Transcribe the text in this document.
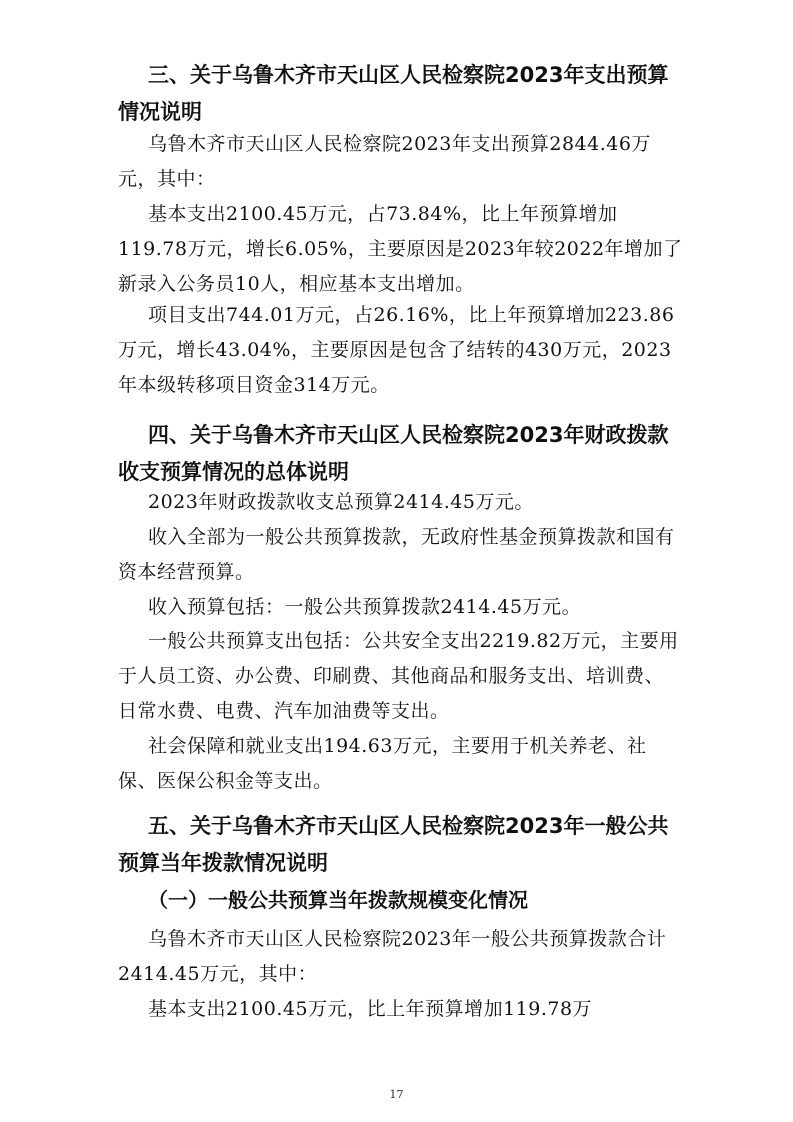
三、关于乌鲁木齐市天山区人民检察院2023年支出预算情况说明

乌鲁木齐市天山区人民检察院2023年支出预算2844.46万元，其中：

基本支出2100.45万元，占73.84%，比上年预算增加119.78万元，增长6.05%，主要原因是2023年较2022年增加了新录入公务员10人，相应基本支出增加。

项目支出744.01万元，占26.16%，比上年预算增加223.86万元，增长43.04%，主要原因是包含了结转的430万元，2023年本级转移项目资金314万元。

四、关于乌鲁木齐市天山区人民检察院2023年财政拨款收支预算情况的总体说明

2023年财政拨款收支总预算2414.45万元。

收入全部为一般公共预算拨款，无政府性基金预算拨款和国有资本经营预算。

收入预算包括：一般公共预算拨款2414.45万元。

一般公共预算支出包括：公共安全支出2219.82万元，主要用于人员工资、办公费、印刷费、其他商品和服务支出、培训费、日常水费、电费、汽车加油费等支出。

社会保障和就业支出194.63万元，主要用于机关养老、社保、医保公积金等支出。

五、关于乌鲁木齐市天山区人民检察院2023年一般公共预算当年拨款情况说明
（一）一般公共预算当年拨款规模变化情况

乌鲁木齐市天山区人民检察院2023年一般公共预算拨款合计2414.45万元，其中：

基本支出2100.45万元，比上年预算增加119.78万

17
